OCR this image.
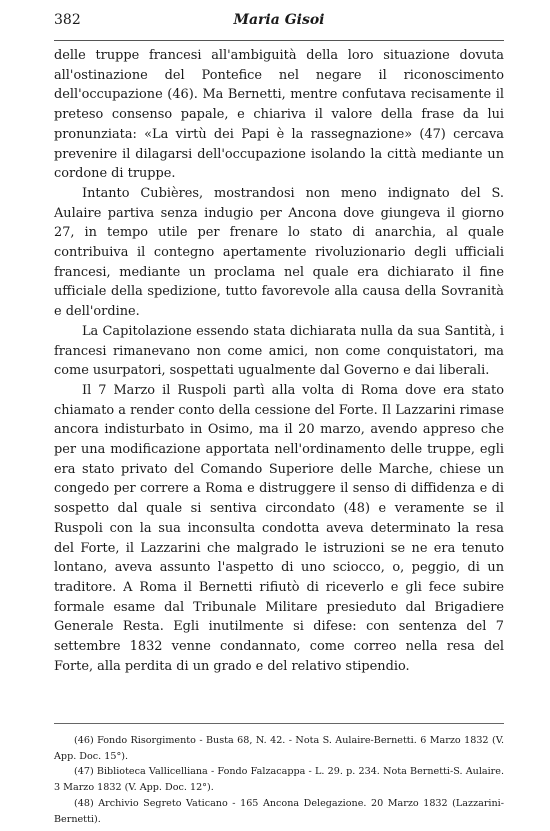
382	Maria Gisoi

delle truppe francesi all'ambiguità della loro situazione dovuta all'ostinazione del Pontefice nel negare il riconoscimento dell'occupazione (46). Ma Bernetti, mentre confutava recisamente il preteso consenso papale, e chiariva il valore della frase da lui pronunziata: «La virtù dei Papi è la rassegnazione» (47) cercava prevenire il dilagarsi dell'occupazione isolando la città mediante un cordone di truppe.

Intanto Cubières, mostrandosi non meno indignato del S. Aulaire partiva senza indugio per Ancona dove giungeva il giorno 27, in tempo utile per frenare lo stato di anarchia, al quale contribuiva il contegno apertamente rivoluzionario degli ufficiali francesi, mediante un proclama nel quale era dichiarato il fine ufficiale della spedizione, tutto favorevole alla causa della Sovranità e dell'ordine.

La Capitolazione essendo stata dichiarata nulla da sua Santità, i francesi rimanevano non come amici, non come conquistatori, ma come usurpatori, sospettati ugualmente dal Governo e dai liberali.

Il 7 Marzo il Ruspoli partì alla volta di Roma dove era stato chiamato a render conto della cessione del Forte. Il Lazzarini rimase ancora indisturbato in Osimo, ma il 20 marzo, avendo appreso che per una modificazione apportata nell'ordinamento delle truppe, egli era stato privato del Comando Superiore delle Marche, chiese un congedo per correre a Roma e distruggere il senso di diffidenza e di sospetto dal quale si sentiva circondato (48) e veramente se il Ruspoli con la sua inconsulta condotta aveva determinato la resa del Forte, il Lazzarini che malgrado le istruzioni se ne era tenuto lontano, aveva assunto l'aspetto di uno sciocco, o, peggio, di un traditore. A Roma il Bernetti rifiutò di riceverlo e gli fece subire formale esame dal Tribunale Militare presieduto dal Brigadiere Generale Resta. Egli inutilmente si difese: con sentenza del 7 settembre 1832 venne condannato, come correo nella resa del Forte, alla perdita di un grado e del relativo stipendio.

(46) Fondo Risorgimento - Busta 68, N. 42. - Nota S. Aulaire-Bernetti. 6 Marzo 1832 (V. App. Doc. 15°).

(47) Biblioteca Vallicelliana - Fondo Falzacappa - L. 29. p. 234. Nota Bernetti-S. Aulaire. 3 Marzo 1832 (V. App. Doc. 12°).

(48) Archivio Segreto Vaticano - 165 Ancona Delegazione. 20 Marzo 1832 (Lazzarini-Bernetti).
